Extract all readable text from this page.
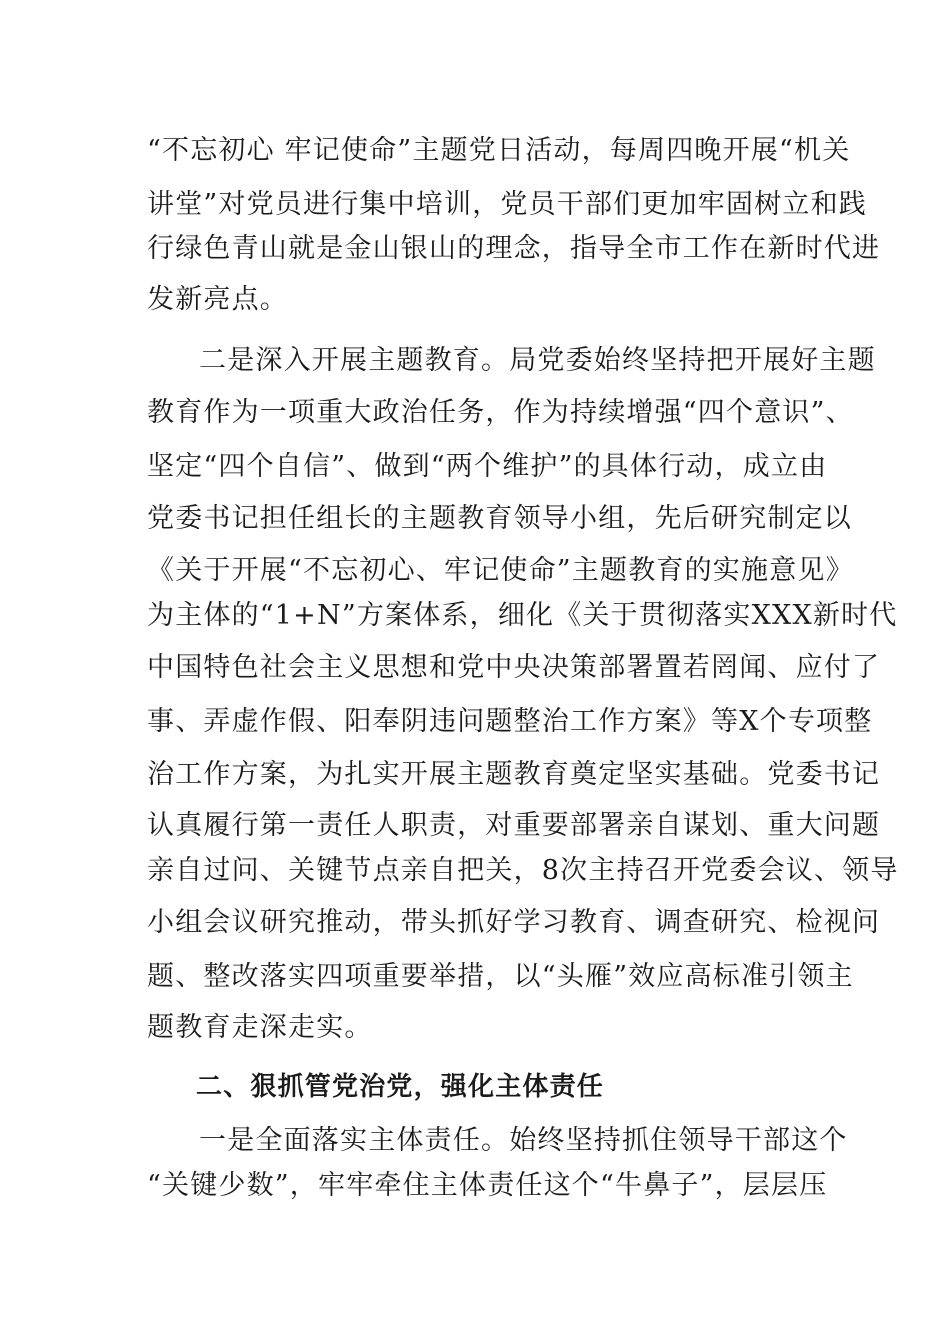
“不忘初心 牢记使命”主题党日活动，每周四晚开展“机关
讲堂”对党员进行集中培训，党员干部们更加牢固树立和践
行绿色青山就是金山银山的理念，指导全市工作在新时代进
发新亮点。
二是深入开展主题教育。局党委始终坚持把开展好主题
教育作为一项重大政治任务，作为持续增强“四个意识”、
坚定“四个自信”、做到“两个维护”的具体行动，成立由
党委书记担任组长的主题教育领导小组，先后研究制定以
《关于开展“不忘初心、牢记使命”主题教育的实施意见》
为主体的“1+N”方案体系，细化《关于贯彻落实XXX新时代
中国特色社会主义思想和党中央决策部署置若罔闻、应付了
事、弄虚作假、阳奉阴违问题整治工作方案》等X个专项整
治工作方案，为扎实开展主题教育奠定坚实基础。党委书记
认真履行第一责任人职责，对重要部署亲自谋划、重大问题
亲自过问、关键节点亲自把关，8次主持召开党委会议、领导
小组会议研究推动，带头抓好学习教育、调查研究、检视问
题、整改落实四项重要举措，以“头雁”效应高标准引领主
题教育走深走实。
二、狠抓管党治党，强化主体责任
一是全面落实主体责任。始终坚持抓住领导干部这个
“关键少数”，牢牢牵住主体责任这个“牛鼻子”，层层压
